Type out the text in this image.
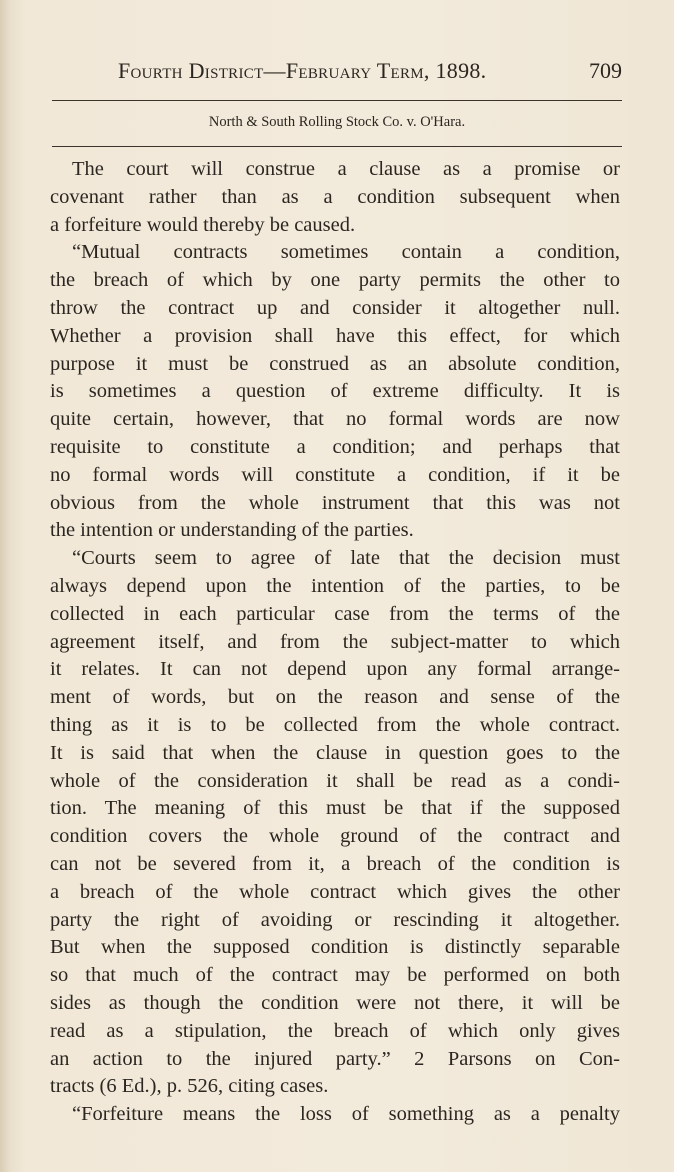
Fourth District—February Term, 1898.	709
North & South Rolling Stock Co. v. O'Hara.
The court will construe a clause as a promise or
covenant rather than as a condition subsequent when
a forfeiture would thereby be caused.
“Mutual contracts sometimes contain a condition,
the breach of which by one party permits the other to
throw the contract up and consider it altogether null.
Whether a provision shall have this effect, for which
purpose it must be construed as an absolute condition,
is sometimes a question of extreme difficulty. It is
quite certain, however, that no formal words are now
requisite to constitute a condition; and perhaps that
no formal words will constitute a condition, if it be
obvious from the whole instrument that this was not
the intention or understanding of the parties.
“Courts seem to agree of late that the decision must
always depend upon the intention of the parties, to be
collected in each particular case from the terms of the
agreement itself, and from the subject-matter to which
it relates. It can not depend upon any formal arrange-
ment of words, but on the reason and sense of the
thing as it is to be collected from the whole contract.
It is said that when the clause in question goes to the
whole of the consideration it shall be read as a condi-
tion. The meaning of this must be that if the supposed
condition covers the whole ground of the contract and
can not be severed from it, a breach of the condition is
a breach of the whole contract which gives the other
party the right of avoiding or rescinding it altogether.
But when the supposed condition is distinctly separable
so that much of the contract may be performed on both
sides as though the condition were not there, it will be
read as a stipulation, the breach of which only gives
an action to the injured party.” 2 Parsons on Con-
tracts (6 Ed.), p. 526, citing cases.
“Forfeiture means the loss of something as a penalty
